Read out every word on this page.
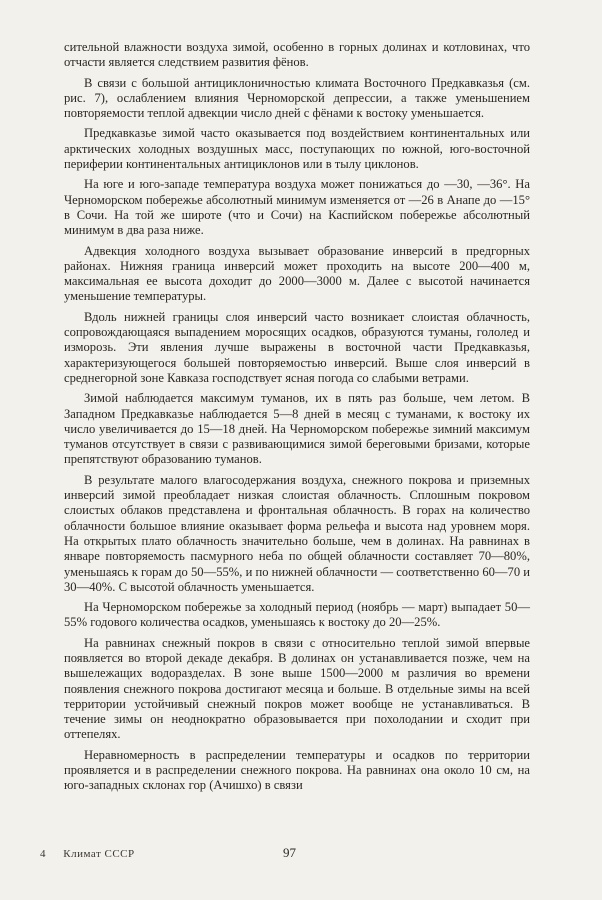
сительной влажности воздуха зимой, особенно в горных долинах и котловинах, что отчасти является следствием развития фёнов.

В связи с большой антициклоничностью климата Восточного Предкавказья (см. рис. 7), ослаблением влияния Черноморской депрессии, а также уменьшением повторяемости теплой адвекции число дней с фёнами к востоку уменьшается.

Предкавказье зимой часто оказывается под воздействием континентальных или арктических холодных воздушных масс, поступающих по южной, юго-восточной периферии континентальных антициклонов или в тылу циклонов.

На юге и юго-западе температура воздуха может понижаться до —30, —36°. На Черноморском побережье абсолютный минимум изменяется от —26 в Анапе до —15° в Сочи. На той же широте (что и Сочи) на Каспийском побережье абсолютный минимум в два раза ниже.

Адвекция холодного воздуха вызывает образование инверсий в предгорных районах. Нижняя граница инверсий может проходить на высоте 200—400 м, максимальная ее высота доходит до 2000—3000 м. Далее с высотой начинается уменьшение температуры.

Вдоль нижней границы слоя инверсий часто возникает слоистая облачность, сопровождающаяся выпадением моросящих осадков, образуются туманы, гололед и изморозь. Эти явления лучше выражены в восточной части Предкавказья, характеризующегося большей повторяемостью инверсий. Выше слоя инверсий в среднегорной зоне Кавказа господствует ясная погода со слабыми ветрами.

Зимой наблюдается максимум туманов, их в пять раз больше, чем летом. В Западном Предкавказье наблюдается 5—8 дней в месяц с туманами, к востоку их число увеличивается до 15—18 дней. На Черноморском побережье зимний максимум туманов отсутствует в связи с развивающимися зимой береговыми бризами, которые препятствуют образованию туманов.

В результате малого влагосодержания воздуха, снежного покрова и приземных инверсий зимой преобладает низкая слоистая облачность. Сплошным покровом слоистых облаков представлена и фронтальная облачность. В горах на количество облачности большое влияние оказывает форма рельефа и высота над уровнем моря. На открытых плато облачность значительно больше, чем в долинах. На равнинах в январе повторяемость пасмурного неба по общей облачности составляет 70—80%, уменьшаясь к горам до 50—55%, и по нижней облачности — соответственно 60—70 и 30—40%. С высотой облачность уменьшается.

На Черноморском побережье за холодный период (ноябрь — март) выпадает 50—55% годового количества осадков, уменьшаясь к востоку до 20—25%.

На равнинах снежный покров в связи с относительно теплой зимой впервые появляется во второй декаде декабря. В долинах он устанавливается позже, чем на вышележащих водоразделах. В зоне выше 1500—2000 м различия во времени появления снежного покрова достигают месяца и больше. В отдельные зимы на всей территории устойчивый снежный покров может вообще не устанавливаться. В течение зимы он неоднократно образовывается при похолодании и сходит при оттепелях.

Неравномерность в распределении температуры и осадков по территории проявляется и в распределении снежного покрова. На равнинах она около 10 см, на юго-западных склонах гор (Ачишхо) в связи

4 Климат СССР	97
